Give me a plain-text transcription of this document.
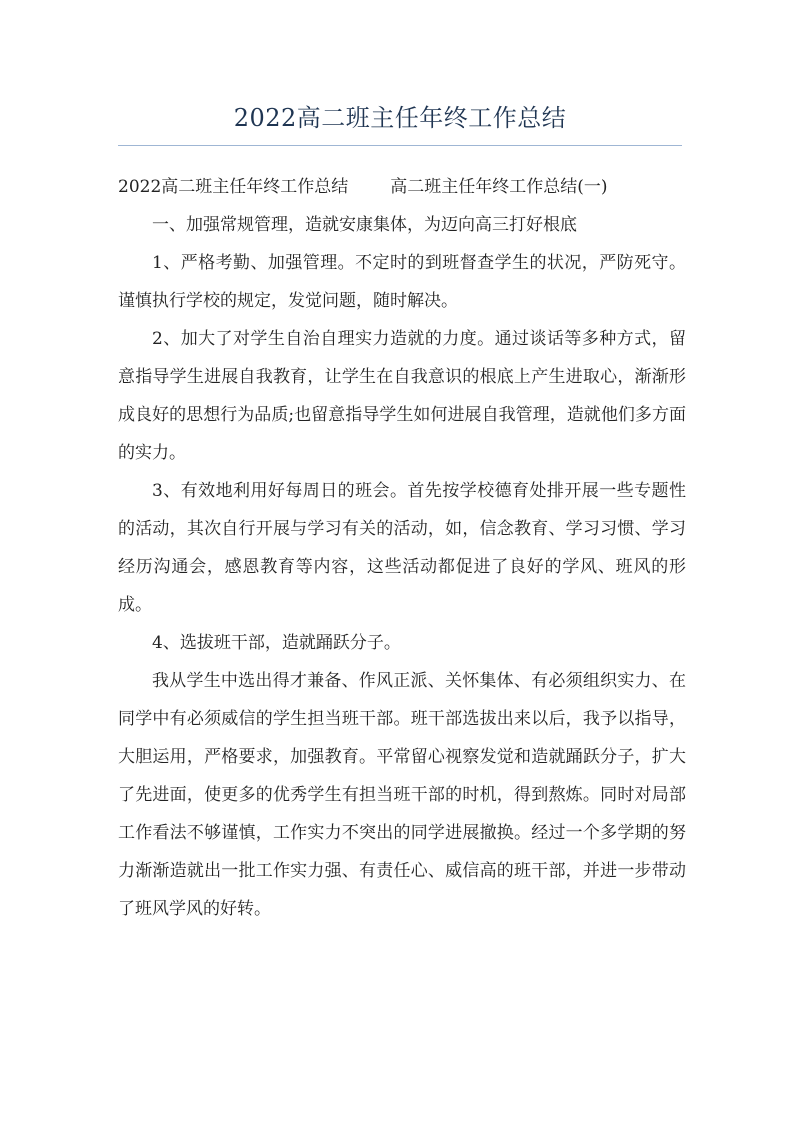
2022高二班主任年终工作总结

2022高二班主任年终工作总结 高二班主任年终工作总结(一)

一、加强常规管理，造就安康集体，为迈向高三打好根底

1、严格考勤、加强管理。不定时的到班督查学生的状况，严防死守。谨慎执行学校的规定，发觉问题，随时解决。

2、加大了对学生自治自理实力造就的力度。通过谈话等多种方式，留意指导学生进展自我教育，让学生在自我意识的根底上产生进取心，渐渐形成良好的思想行为品质;也留意指导学生如何进展自我管理，造就他们多方面的实力。

3、有效地利用好每周日的班会。首先按学校德育处排开展一些专题性的活动，其次自行开展与学习有关的活动，如，信念教育、学习习惯、学习经历沟通会，感恩教育等内容，这些活动都促进了良好的学风、班风的形成。

4、选拔班干部，造就踊跃分子。

我从学生中选出得才兼备、作风正派、关怀集体、有必须组织实力、在同学中有必须威信的学生担当班干部。班干部选拔出来以后，我予以指导，大胆运用，严格要求，加强教育。平常留心视察发觉和造就踊跃分子，扩大了先进面，使更多的优秀学生有担当班干部的时机，得到熬炼。同时对局部工作看法不够谨慎，工作实力不突出的同学进展撤换。经过一个多学期的努力渐渐造就出一批工作实力强、有责任心、威信高的班干部，并进一步带动了班风学风的好转。
